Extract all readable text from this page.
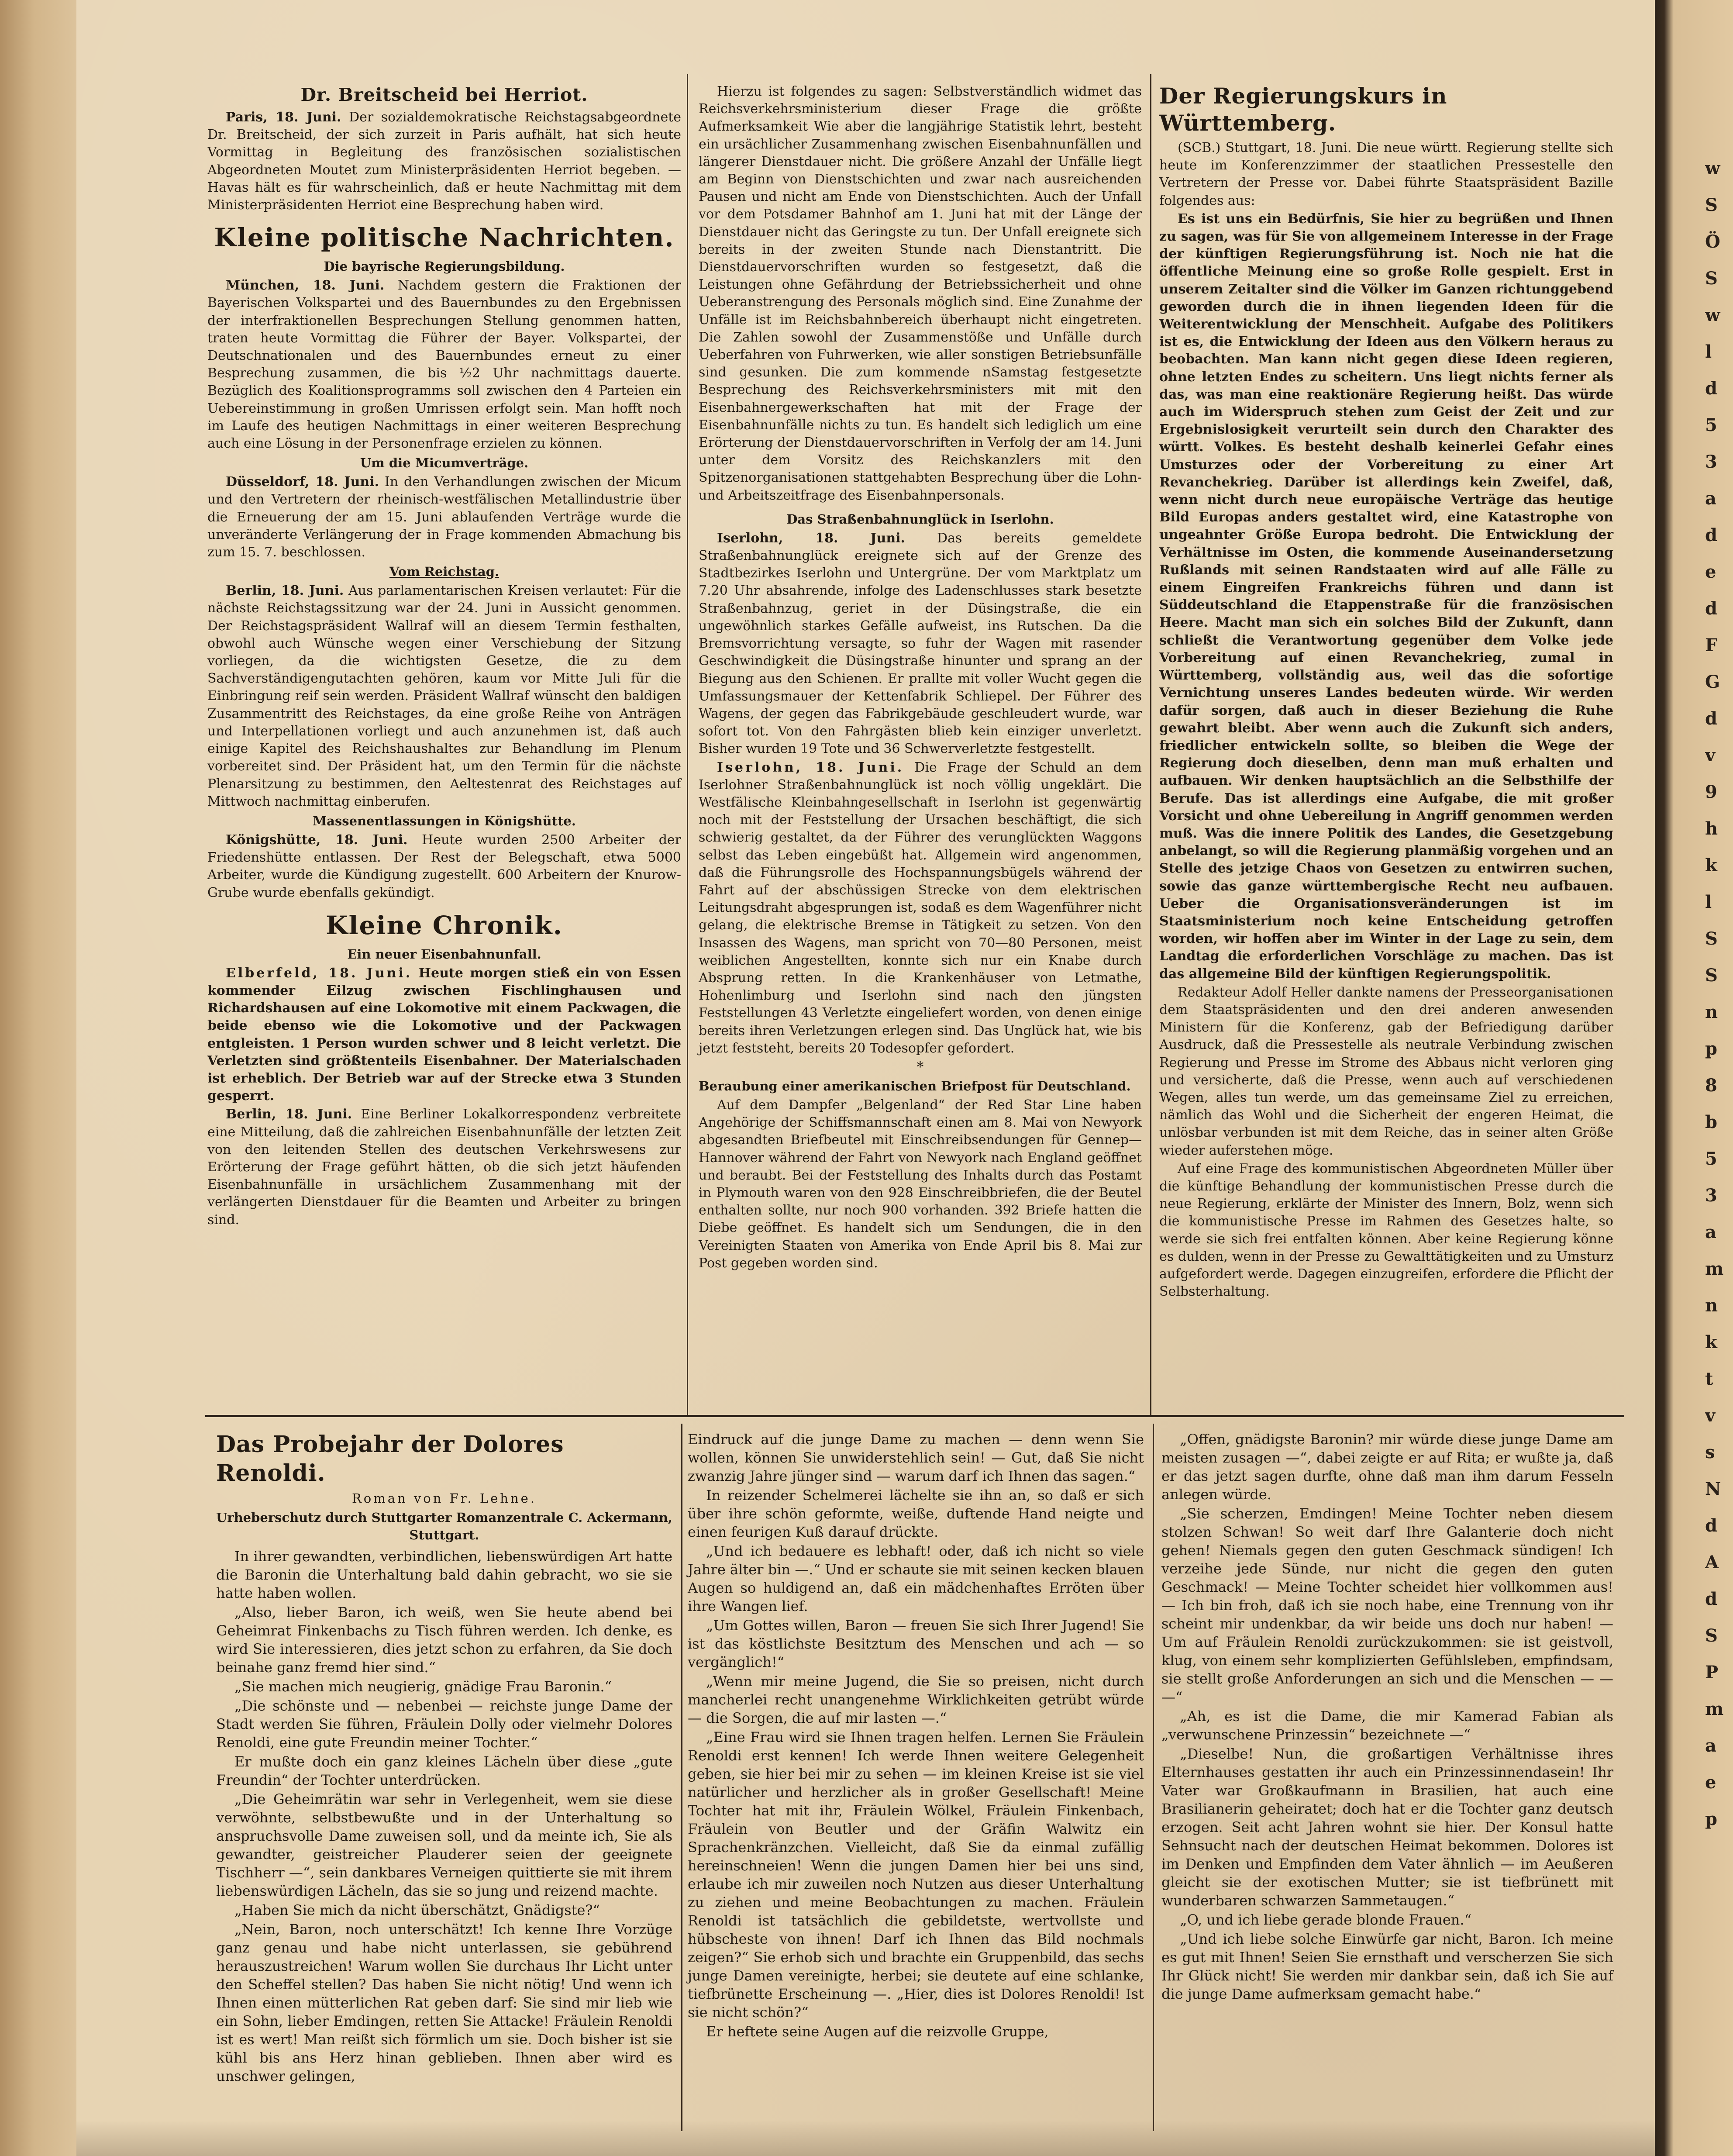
Dr. Breitscheid bei Herriot.

Paris, 18. Juni. Der sozialdemokratische Reichstagsabgeordnete Dr. Breitscheid, der sich zurzeit in Paris aufhält, hat sich heute Vormittag in Begleitung des französischen sozialistischen Abgeordneten Moutet zum Ministerpräsidenten Herriot begeben. — Havas hält es für wahrscheinlich, daß er heute Nachmittag mit dem Ministerpräsidenten Herriot eine Besprechung haben wird.

Kleine politische Nachrichten.
Die bayrische Regierungsbildung.

München, 18. Juni. Nachdem gestern die Fraktionen der Bayerischen Volkspartei und des Bauernbundes zu den Ergebnissen der interfraktionellen Besprechungen Stellung genommen hatten, traten heute Vormittag die Führer der Bayer. Volkspartei, der Deutschnationalen und des Bauernbundes erneut zu einer Besprechung zusammen, die bis ½2 Uhr nachmittags dauerte. Bezüglich des Koalitionsprogramms soll zwischen den 4 Parteien ein Uebereinstimmung in großen Umrissen erfolgt sein. Man hofft noch im Laufe des heutigen Nachmittags in einer weiteren Besprechung auch eine Lösung in der Personenfrage erzielen zu können.

Um die Micumverträge.

Düsseldorf, 18. Juni. In den Verhandlungen zwischen der Micum und den Vertretern der rheinisch-westfälischen Metallindustrie über die Erneuerung der am 15. Juni ablaufenden Verträge wurde die unveränderte Verlängerung der in Frage kommenden Abmachung bis zum 15. 7. beschlossen.

Vom Reichstag.

Berlin, 18. Juni. Aus parlamentarischen Kreisen verlautet: Für die nächste Reichstagssitzung war der 24. Juni in Aussicht genommen. Der Reichstagspräsident Wallraf will an diesem Termin festhalten, obwohl auch Wünsche wegen einer Verschiebung der Sitzung vorliegen, da die wichtigsten Gesetze, die zu dem Sachverständigengutachten gehören, kaum vor Mitte Juli für die Einbringung reif sein werden. Präsident Wallraf wünscht den baldigen Zusammentritt des Reichstages, da eine große Reihe von Anträgen und Interpellationen vorliegt und auch anzunehmen ist, daß auch einige Kapitel des Reichshaushaltes zur Behandlung im Plenum vorbereitet sind. Der Präsident hat, um den Termin für die nächste Plenarsitzung zu bestimmen, den Aeltestenrat des Reichstages auf Mittwoch nachmittag einberufen.

Massenentlassungen in Königshütte.

Königshütte, 18. Juni. Heute wurden 2500 Arbeiter der Friedenshütte entlassen. Der Rest der Belegschaft, etwa 5000 Arbeiter, wurde die Kündigung zugestellt. 600 Arbeitern der Knurow-Grube wurde ebenfalls gekündigt.

Kleine Chronik.
Ein neuer Eisenbahnunfall.

Elberfeld, 18. Juni. Heute morgen stieß ein von Essen kommender Eilzug zwischen Fischlinghausen und Richardshausen auf eine Lokomotive mit einem Packwagen, die beide ebenso wie die Lokomotive und der Packwagen entgleisten. 1 Person wurden schwer und 8 leicht verletzt. Die Verletzten sind größtenteils Eisenbahner. Der Materialschaden ist erheblich. Der Betrieb war auf der Strecke etwa 3 Stunden gesperrt.

Berlin, 18. Juni. Eine Berliner Lokalkorrespondenz verbreitete eine Mitteilung, daß die zahlreichen Eisenbahnunfälle der letzten Zeit von den leitenden Stellen des deutschen Verkehrswesens zur Erörterung der Frage geführt hätten, ob die sich jetzt häufenden Eisenbahnunfälle in ursächlichem Zusammenhang mit der verlängerten Dienstdauer für die Beamten und Arbeiter zu bringen sind.

Hierzu ist folgendes zu sagen: Selbstverständlich widmet das Reichsverkehrsministerium dieser Frage die größte Aufmerksamkeit Wie aber die langjährige Statistik lehrt, besteht ein ursächlicher Zusammenhang zwischen Eisenbahnunfällen und längerer Dienstdauer nicht. Die größere Anzahl der Unfälle liegt am Beginn von Dienstschichten und zwar nach ausreichenden Pausen und nicht am Ende von Dienstschichten. Auch der Unfall vor dem Potsdamer Bahnhof am 1. Juni hat mit der Länge der Dienstdauer nicht das Geringste zu tun. Der Unfall ereignete sich bereits in der zweiten Stunde nach Dienstantritt. Die Dienstdauervorschriften wurden so festgesetzt, daß die Leistungen ohne Gefährdung der Betriebssicherheit und ohne Ueberanstrengung des Personals möglich sind. Eine Zunahme der Unfälle ist im Reichsbahnbereich überhaupt nicht eingetreten. Die Zahlen sowohl der Zusammenstöße und Unfälle durch Ueberfahren von Fuhrwerken, wie aller sonstigen Betriebsunfälle sind gesunken. Die zum kommende nSamstag festgesetzte Besprechung des Reichsverkehrsministers mit mit den Eisenbahnergewerkschaften hat mit der Frage der Eisenbahnunfälle nichts zu tun. Es handelt sich lediglich um eine Erörterung der Dienstdauervorschriften in Verfolg der am 14. Juni unter dem Vorsitz des Reichskanzlers mit den Spitzenorganisationen stattgehabten Besprechung über die Lohn- und Arbeitszeitfrage des Eisenbahnpersonals.

Das Straßenbahnunglück in Iserlohn.

Iserlohn, 18. Juni. Das bereits gemeldete Straßenbahnunglück ereignete sich auf der Grenze des Stadtbezirkes Iserlohn und Untergrüne. Der vom Marktplatz um 7.20 Uhr absahrende, infolge des Ladenschlusses stark besetzte Straßenbahnzug, geriet in der Düsingstraße, die ein ungewöhnlich starkes Gefälle aufweist, ins Rutschen. Da die Bremsvorrichtung versagte, so fuhr der Wagen mit rasender Geschwindigkeit die Düsingstraße hinunter und sprang an der Biegung aus den Schienen. Er prallte mit voller Wucht gegen die Umfassungsmauer der Kettenfabrik Schliepel. Der Führer des Wagens, der gegen das Fabrikgebäude geschleudert wurde, war sofort tot. Von den Fahrgästen blieb kein einziger unverletzt. Bisher wurden 19 Tote und 36 Schwerverletzte festgestellt.

Iserlohn, 18. Juni. Die Frage der Schuld an dem Iserlohner Straßenbahnunglück ist noch völlig ungeklärt. Die Westfälische Kleinbahngesellschaft in Iserlohn ist gegenwärtig noch mit der Feststellung der Ursachen beschäftigt, die sich schwierig gestaltet, da der Führer des verunglückten Waggons selbst das Leben eingebüßt hat. Allgemein wird angenommen, daß die Führungsrolle des Hochspannungsbügels während der Fahrt auf der abschüssigen Strecke von dem elektrischen Leitungsdraht abgesprungen ist, sodaß es dem Wagenführer nicht gelang, die elektrische Bremse in Tätigkeit zu setzen. Von den Insassen des Wagens, man spricht von 70—80 Personen, meist weiblichen Angestellten, konnte sich nur ein Knabe durch Absprung retten. In die Krankenhäuser von Letmathe, Hohenlimburg und Iserlohn sind nach den jüngsten Feststellungen 43 Verletzte eingeliefert worden, von denen einige bereits ihren Verletzungen erlegen sind. Das Unglück hat, wie bis jetzt feststeht, bereits 20 Todesopfer gefordert.

*
Beraubung einer amerikanischen Briefpost für Deutschland.

Auf dem Dampfer „Belgenland“ der Red Star Line haben Angehörige der Schiffsmannschaft einen am 8. Mai von Newyork abgesandten Briefbeutel mit Einschreibsendungen für Gennep—Hannover während der Fahrt von Newyork nach England geöffnet und beraubt. Bei der Feststellung des Inhalts durch das Postamt in Plymouth waren von den 928 Einschreibbriefen, die der Beutel enthalten sollte, nur noch 900 vorhanden. 392 Briefe hatten die Diebe geöffnet. Es handelt sich um Sendungen, die in den Vereinigten Staaten von Amerika von Ende April bis 8. Mai zur Post gegeben worden sind.

Der Regierungskurs in Württemberg.

(SCB.) Stuttgart, 18. Juni. Die neue württ. Regierung stellte sich heute im Konferenzzimmer der staatlichen Pressestelle den Vertretern der Presse vor. Dabei führte Staatspräsident Bazille folgendes aus:

Es ist uns ein Bedürfnis, Sie hier zu begrüßen und Ihnen zu sagen, was für Sie von allgemeinem Interesse in der Frage der künftigen Regierungsführung ist. Noch nie hat die öffentliche Meinung eine so große Rolle gespielt. Erst in unserem Zeitalter sind die Völker im Ganzen richtunggebend geworden durch die in ihnen liegenden Ideen für die Weiterentwicklung der Menschheit. Aufgabe des Politikers ist es, die Entwicklung der Ideen aus den Völkern heraus zu beobachten. Man kann nicht gegen diese Ideen regieren, ohne letzten Endes zu scheitern. Uns liegt nichts ferner als das, was man eine reaktionäre Regierung heißt. Das würde auch im Widerspruch stehen zum Geist der Zeit und zur Ergebnislosigkeit verurteilt sein durch den Charakter des württ. Volkes. Es besteht deshalb keinerlei Gefahr eines Umsturzes oder der Vorbereitung zu einer Art Revanchekrieg. Darüber ist allerdings kein Zweifel, daß, wenn nicht durch neue europäische Verträge das heutige Bild Europas anders gestaltet wird, eine Katastrophe von ungeahnter Größe Europa bedroht. Die Entwicklung der Verhältnisse im Osten, die kommende Auseinandersetzung Rußlands mit seinen Randstaaten wird auf alle Fälle zu einem Eingreifen Frankreichs führen und dann ist Süddeutschland die Etappenstraße für die französischen Heere. Macht man sich ein solches Bild der Zukunft, dann schließt die Verantwortung gegenüber dem Volke jede Vorbereitung auf einen Revanchekrieg, zumal in Württemberg, vollständig aus, weil das die sofortige Vernichtung unseres Landes bedeuten würde. Wir werden dafür sorgen, daß auch in dieser Beziehung die Ruhe gewahrt bleibt. Aber wenn auch die Zukunft sich anders, friedlicher entwickeln sollte, so bleiben die Wege der Regierung doch dieselben, denn man muß erhalten und aufbauen. Wir denken hauptsächlich an die Selbsthilfe der Berufe. Das ist allerdings eine Aufgabe, die mit großer Vorsicht und ohne Uebereilung in Angriff genommen werden muß. Was die innere Politik des Landes, die Gesetzgebung anbelangt, so will die Regierung planmäßig vorgehen und an Stelle des jetzige Chaos von Gesetzen zu entwirren suchen, sowie das ganze württembergische Recht neu aufbauen. Ueber die Organisationsveränderungen ist im Staatsministerium noch keine Entscheidung getroffen worden, wir hoffen aber im Winter in der Lage zu sein, dem Landtag die erforderlichen Vorschläge zu machen. Das ist das allgemeine Bild der künftigen Regierungspolitik.

Redakteur Adolf Heller dankte namens der Presseorganisationen dem Staatspräsidenten und den drei anderen anwesenden Ministern für die Konferenz, gab der Befriedigung darüber Ausdruck, daß die Pressestelle als neutrale Verbindung zwischen Regierung und Presse im Strome des Abbaus nicht verloren ging und versicherte, daß die Presse, wenn auch auf verschiedenen Wegen, alles tun werde, um das gemeinsame Ziel zu erreichen, nämlich das Wohl und die Sicherheit der engeren Heimat, die unlösbar verbunden ist mit dem Reiche, das in seiner alten Größe wieder auferstehen möge.

Auf eine Frage des kommunistischen Abgeordneten Müller über die künftige Behandlung der kommunistischen Presse durch die neue Regierung, erklärte der Minister des Innern, Bolz, wenn sich die kommunistische Presse im Rahmen des Gesetzes halte, so werde sie sich frei entfalten können. Aber keine Regierung könne es dulden, wenn in der Presse zu Gewalttätigkeiten und zu Umsturz aufgefordert werde. Dagegen einzugreifen, erfordere die Pflicht der Selbsterhaltung.

Das Probejahr der Dolores Renoldi.
Roman von Fr. Lehne.
Urheberschutz durch Stuttgarter Romanzentrale C. Ackermann, Stuttgart.

In ihrer gewandten, verbindlichen, liebenswürdigen Art hatte die Baronin die Unterhaltung bald dahin gebracht, wo sie sie hatte haben wollen.

„Also, lieber Baron, ich weiß, wen Sie heute abend bei Geheimrat Finkenbachs zu Tisch führen werden. Ich denke, es wird Sie interessieren, dies jetzt schon zu erfahren, da Sie doch beinahe ganz fremd hier sind.“

„Sie machen mich neugierig, gnädige Frau Baronin.“

„Die schönste und — nebenbei — reichste junge Dame der Stadt werden Sie führen, Fräulein Dolly oder vielmehr Dolores Renoldi, eine gute Freundin meiner Tochter.“

Er mußte doch ein ganz kleines Lächeln über diese „gute Freundin“ der Tochter unterdrücken.

„Die Geheimrätin war sehr in Verlegenheit, wem sie diese verwöhnte, selbstbewußte und in der Unterhaltung so anspruchsvolle Dame zuweisen soll, und da meinte ich, Sie als gewandter, geistreicher Plauderer seien der geeignete Tischherr —“, sein dankbares Verneigen quittierte sie mit ihrem liebenswürdigen Lächeln, das sie so jung und reizend machte.

„Haben Sie mich da nicht überschätzt, Gnädigste?“

„Nein, Baron, noch unterschätzt! Ich kenne Ihre Vorzüge ganz genau und habe nicht unterlassen, sie gebührend herauszustreichen! Warum wollen Sie durchaus Ihr Licht unter den Scheffel stellen? Das haben Sie nicht nötig! Und wenn ich Ihnen einen mütterlichen Rat geben darf: Sie sind mir lieb wie ein Sohn, lieber Emdingen, retten Sie Attacke! Fräulein Renoldi ist es wert! Man reißt sich förmlich um sie. Doch bisher ist sie kühl bis ans Herz hinan geblieben. Ihnen aber wird es unschwer gelingen,

Eindruck auf die junge Dame zu machen — denn wenn Sie wollen, können Sie unwiderstehlich sein! — Gut, daß Sie nicht zwanzig Jahre jünger sind — warum darf ich Ihnen das sagen.“

In reizender Schelmerei lächelte sie ihn an, so daß er sich über ihre schön geformte, weiße, duftende Hand neigte und einen feurigen Kuß darauf drückte.

„Und ich bedauere es lebhaft! oder, daß ich nicht so viele Jahre älter bin —.“ Und er schaute sie mit seinen kecken blauen Augen so huldigend an, daß ein mädchenhaftes Erröten über ihre Wangen lief.

„Um Gottes willen, Baron — freuen Sie sich Ihrer Jugend! Sie ist das köstlichste Besitztum des Menschen und ach — so vergänglich!“

„Wenn mir meine Jugend, die Sie so preisen, nicht durch mancherlei recht unangenehme Wirklichkeiten getrübt würde — die Sorgen, die auf mir lasten —.“

„Eine Frau wird sie Ihnen tragen helfen. Lernen Sie Fräulein Renoldi erst kennen! Ich werde Ihnen weitere Gelegenheit geben, sie hier bei mir zu sehen — im kleinen Kreise ist sie viel natürlicher und herzlicher als in großer Gesellschaft! Meine Tochter hat mit ihr, Fräulein Wölkel, Fräulein Finkenbach, Fräulein von Beutler und der Gräfin Walwitz ein Sprachenkränzchen. Vielleicht, daß Sie da einmal zufällig hereinschneien! Wenn die jungen Damen hier bei uns sind, erlaube ich mir zuweilen noch Nutzen aus dieser Unterhaltung zu ziehen und meine Beobachtungen zu machen. Fräulein Renoldi ist tatsächlich die gebildetste, wertvollste und hübscheste von ihnen! Darf ich Ihnen das Bild nochmals zeigen?“ Sie erhob sich und brachte ein Gruppenbild, das sechs junge Damen vereinigte, herbei; sie deutete auf eine schlanke, tiefbrünette Erscheinung —. „Hier, dies ist Dolores Renoldi! Ist sie nicht schön?“

Er heftete seine Augen auf die reizvolle Gruppe,

„Offen, gnädigste Baronin? mir würde diese junge Dame am meisten zusagen —“, dabei zeigte er auf Rita; er wußte ja, daß er das jetzt sagen durfte, ohne daß man ihm darum Fesseln anlegen würde.

„Sie scherzen, Emdingen! Meine Tochter neben diesem stolzen Schwan! So weit darf Ihre Galanterie doch nicht gehen! Niemals gegen den guten Geschmack sündigen! Ich verzeihe jede Sünde, nur nicht die gegen den guten Geschmack! — Meine Tochter scheidet hier vollkommen aus! — Ich bin froh, daß ich sie noch habe, eine Trennung von ihr scheint mir undenkbar, da wir beide uns doch nur haben! — Um auf Fräulein Renoldi zurückzukommen: sie ist geistvoll, klug, von einem sehr komplizierten Gefühlsleben, empfindsam, sie stellt große Anforderungen an sich und die Menschen — — —“

„Ah, es ist die Dame, die mir Kamerad Fabian als „verwunschene Prinzessin“ bezeichnete —“

„Dieselbe! Nun, die großartigen Verhältnisse ihres Elternhauses gestatten ihr auch ein Prinzessinnendasein! Ihr Vater war Großkaufmann in Brasilien, hat auch eine Brasilianerin geheiratet; doch hat er die Tochter ganz deutsch erzogen. Seit acht Jahren wohnt sie hier. Der Konsul hatte Sehnsucht nach der deutschen Heimat bekommen. Dolores ist im Denken und Empfinden dem Vater ähnlich — im Aeußeren gleicht sie der exotischen Mutter; sie ist tiefbrünett mit wunderbaren schwarzen Sammetaugen.“

„O, und ich liebe gerade blonde Frauen.“

„Und ich liebe solche Einwürfe gar nicht, Baron. Ich meine es gut mit Ihnen! Seien Sie ernsthaft und verscherzen Sie sich Ihr Glück nicht! Sie werden mir dankbar sein, daß ich Sie auf die junge Dame aufmerksam gemacht habe.“

w
S
Ö
S
w
l
d
5
3
a
d
e
d
F
G
d
v
9
h
k
l
S
S
n
p
8
b
5
3
a
m
n
k
t
v
s
N
d
A
d
S
P
m
a
e
p
